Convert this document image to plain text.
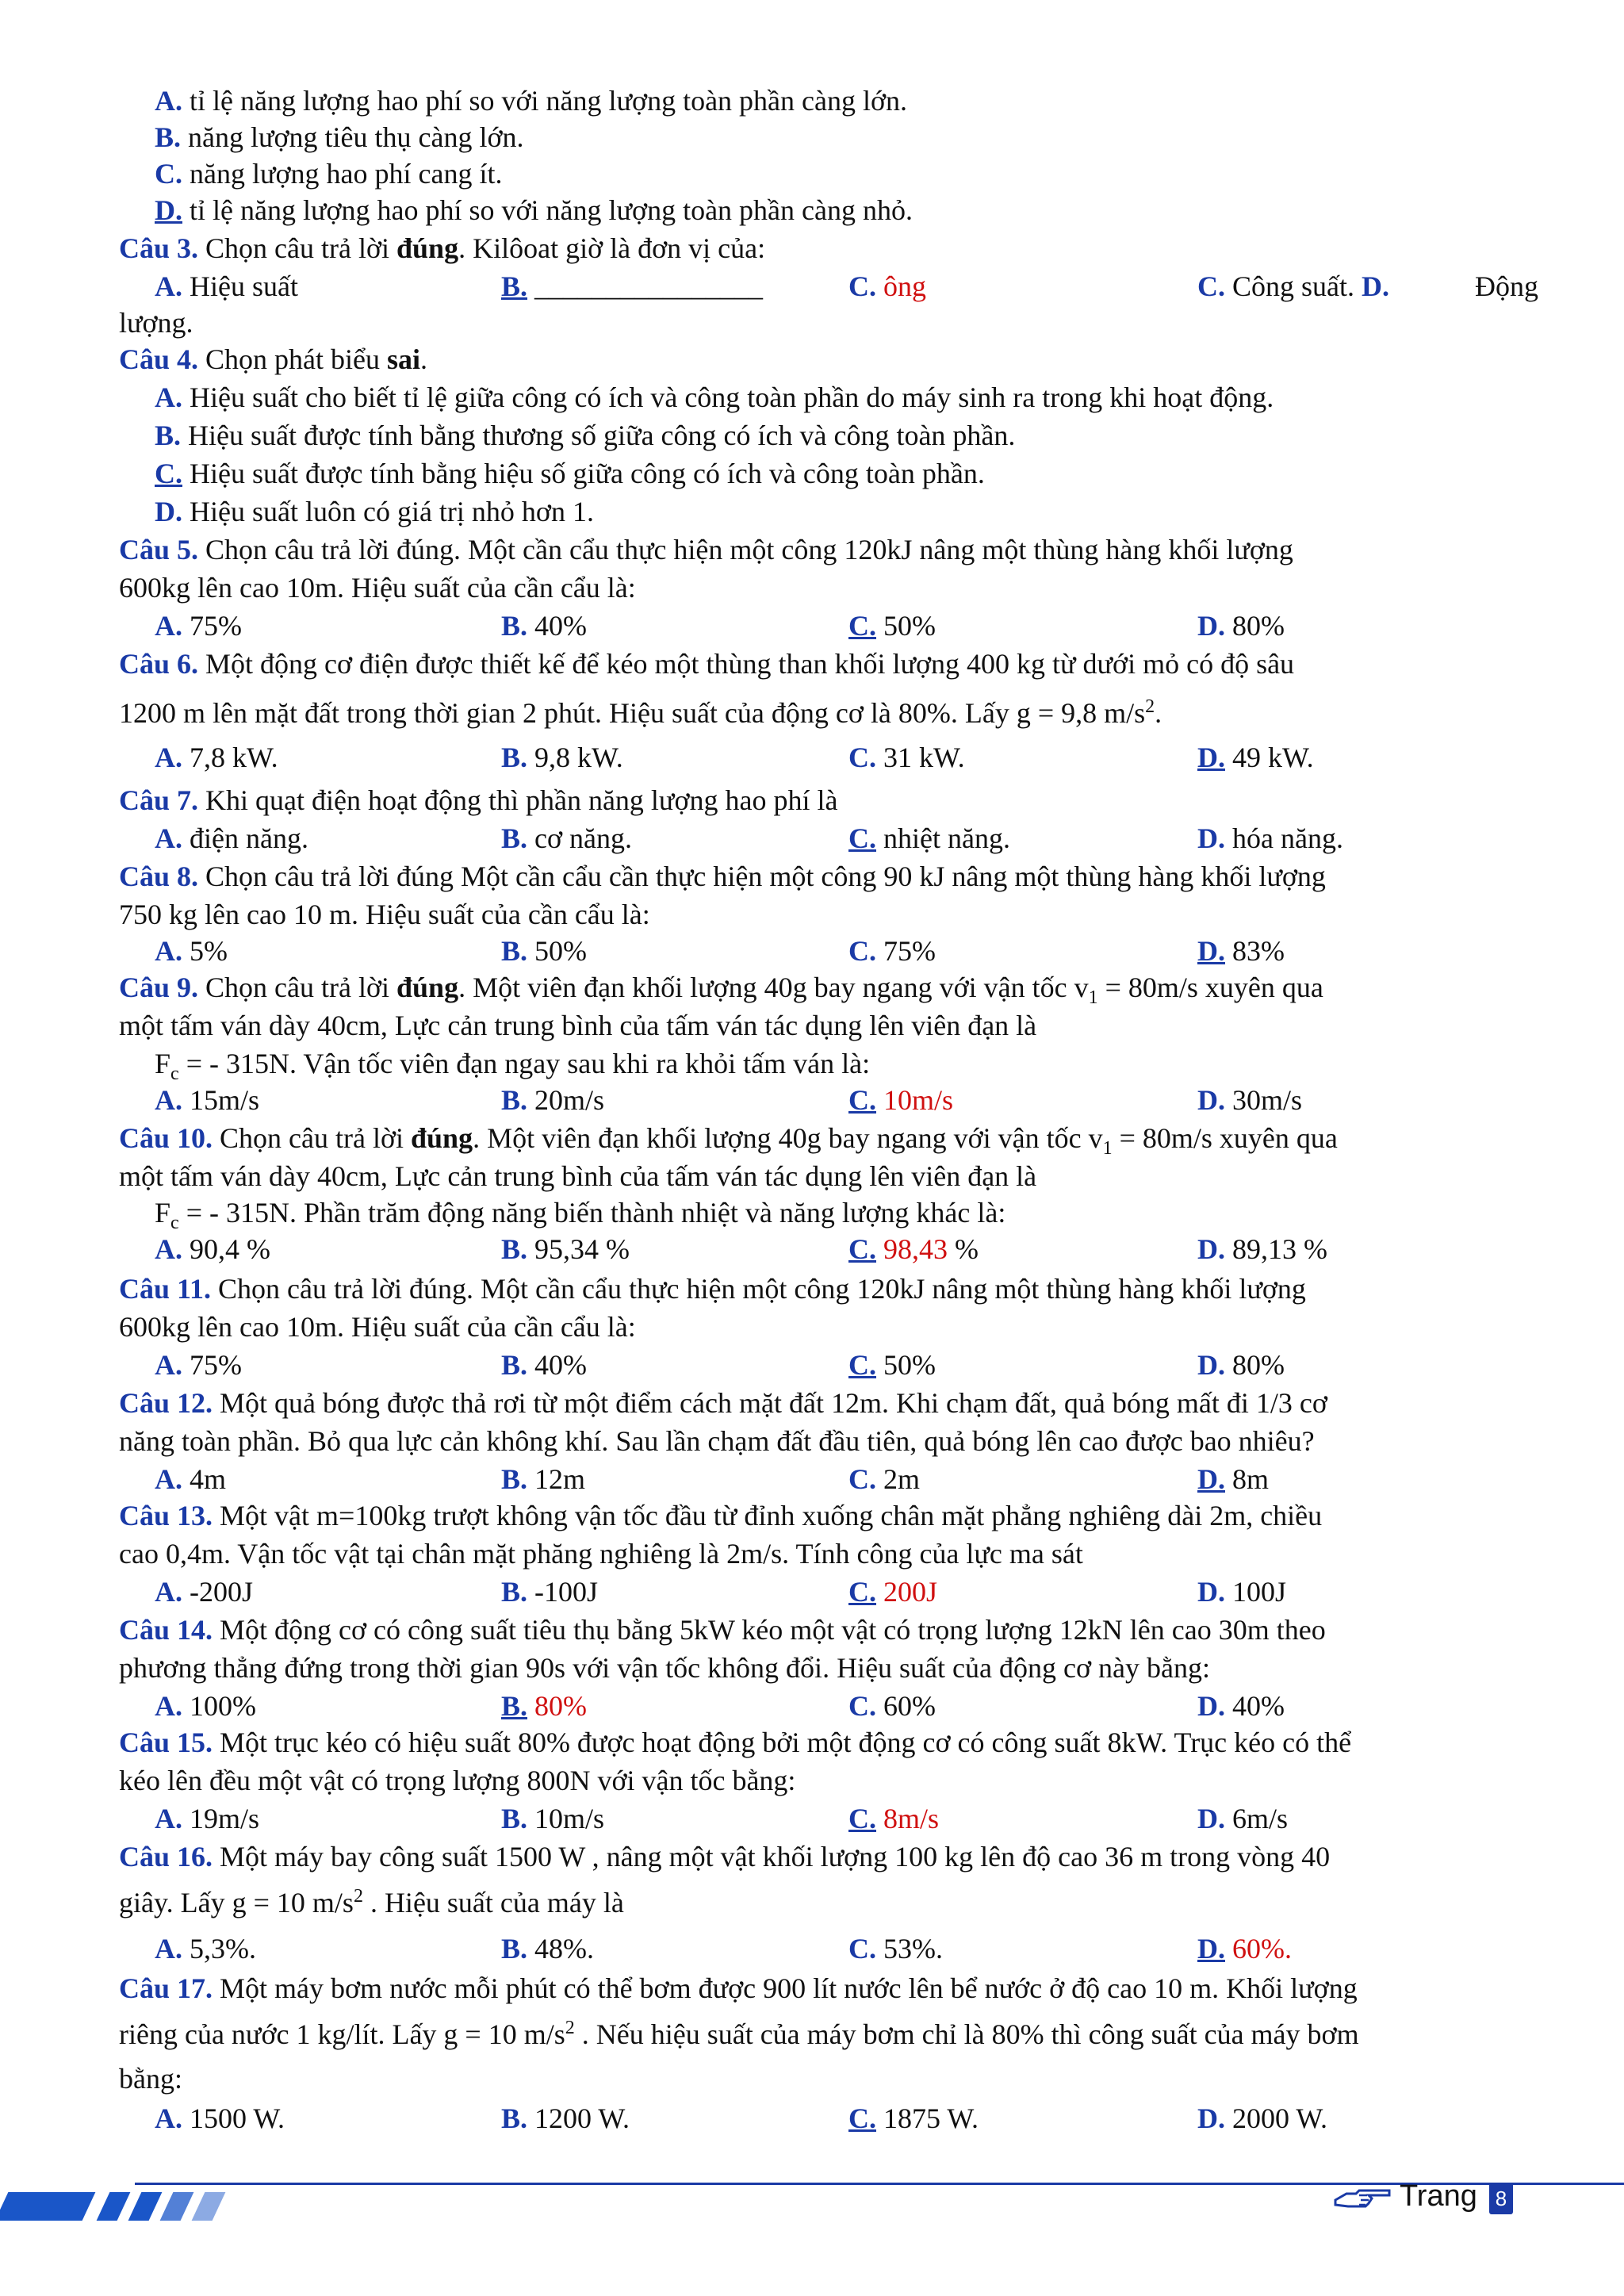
A. tỉ lệ năng lượng hao phí so với năng lượng toàn phần càng lớn.
B. năng lượng tiêu thụ càng lớn.
C. năng lượng hao phí cang ít.
D. tỉ lệ năng lượng hao phí so với năng lượng toàn phần càng nhỏ.
Câu 3. Chọn câu trả lời đúng. Kilôoat giờ là đơn vị của:
A. Hiệu suất	B. ________________	C. ông	C. Công suất. D.	Động
lượng.
Câu 4. Chọn phát biểu sai.
A. Hiệu suất cho biết tỉ lệ giữa công có ích và công toàn phần do máy sinh ra trong khi hoạt động.
B. Hiệu suất được tính bằng thương số giữa công có ích và công toàn phần.
C. Hiệu suất được tính bằng hiệu số giữa công có ích và công toàn phần.
D. Hiệu suất luôn có giá trị nhỏ hơn 1.
Câu 5. Chọn câu trả lời đúng. Một cần cẩu thực hiện một công 120kJ nâng một thùng hàng khối lượng
600kg lên cao 10m. Hiệu suất của cần cẩu là:
A. 75%	B. 40%	C. 50%	D. 80%
Câu 6. Một động cơ điện được thiết kế để kéo một thùng than khối lượng 400 kg từ dưới mỏ có độ sâu
1200 m lên mặt đất trong thời gian 2 phút. Hiệu suất của động cơ là 80%. Lấy g = 9,8 $m/s^2$.
A. 7,8 kW.	B. 9,8 kW.	C. 31 kW.	D. 49 kW.
Câu 7. Khi quạt điện hoạt động thì phần năng lượng hao phí là
A. điện năng.	B. cơ năng.	C. nhiệt năng.	D. hóa năng.
Câu 8. Chọn câu trả lời đúng Một cần cẩu cần thực hiện một công 90 kJ nâng một thùng hàng khối lượng
750 kg lên cao 10 m. Hiệu suất của cần cẩu là:
A. 5%	B. 50%	C. 75%	D. 83%
Câu 9. Chọn câu trả lời đúng. Một viên đạn khối lượng 40g bay ngang với vận tốc $v_1 = 80m/s$ xuyên qua
một tấm ván dày 40cm, Lực cản trung bình của tấm ván tác dụng lên viên đạn là
$F_c$ = - 315N. Vận tốc viên đạn ngay sau khi ra khỏi tấm ván là:
A. 15m/s	B. 20m/s	C. 10m/s	D. 30m/s
Câu 10. Chọn câu trả lời đúng. Một viên đạn khối lượng 40g bay ngang với vận tốc $v_1 = 80m/s$ xuyên qua
một tấm ván dày 40cm, Lực cản trung bình của tấm ván tác dụng lên viên đạn là
$F_c$ = - 315N. Phần trăm động năng biến thành nhiệt và năng lượng khác là:
A. 90,4 %	B. 95,34 %	C. 98,43 %	D. 89,13 %
Câu 11. Chọn câu trả lời đúng. Một cần cẩu thực hiện một công 120kJ nâng một thùng hàng khối lượng
600kg lên cao 10m. Hiệu suất của cần cẩu là:
A. 75%	B. 40%	C. 50%	D. 80%
Câu 12. Một quả bóng được thả rơi từ một điểm cách mặt đất 12m. Khi chạm đất, quả bóng mất đi 1/3 cơ
năng toàn phần. Bỏ qua lực cản không khí. Sau lần chạm đất đầu tiên, quả bóng lên cao được bao nhiêu?
A. 4m	B. 12m	C. 2m	D. 8m
Câu 13. Một vật m=100kg trượt không vận tốc đầu từ đỉnh xuống chân mặt phẳng nghiêng dài 2m, chiều
cao 0,4m. Vận tốc vật tại chân mặt phăng nghiêng là 2m/s. Tính công của lực ma sát
A. -200J	B. -100J	C. 200J	D. 100J
Câu 14. Một động cơ có công suất tiêu thụ bằng 5kW kéo một vật có trọng lượng 12kN lên cao 30m theo
phương thẳng đứng trong thời gian 90s với vận tốc không đổi. Hiệu suất của động cơ này bằng:
A. 100%	B. 80%	C. 60%	D. 40%
Câu 15. Một trục kéo có hiệu suất 80% được hoạt động bởi một động cơ có công suất 8kW. Trục kéo có thể
kéo lên đều một vật có trọng lượng 800N với vận tốc bằng:
A. 19m/s	B. 10m/s	C. 8m/s	D. 6m/s
Câu 16. Một máy bay công suất 1500 W , nâng một vật khối lượng 100 kg lên độ cao 36 m trong vòng 40
giây. Lấy g = 10 $m/s^2$ . Hiệu suất của máy là
A. 5,3%.	B. 48%.	C. 53%.	D. 60%.
Câu 17. Một máy bơm nước mỗi phút có thể bơm được 900 lít nước lên bể nước ở độ cao 10 m. Khối lượng
riêng của nước 1 kg/lít. Lấy g = 10 $m/s^2$ . Nếu hiệu suất của máy bơm chỉ là 80% thì công suất của máy bơm
bằng:
A. 1500 W.	B. 1200 W.	C. 1875 W.	D. 2000 W.
Trang 8
